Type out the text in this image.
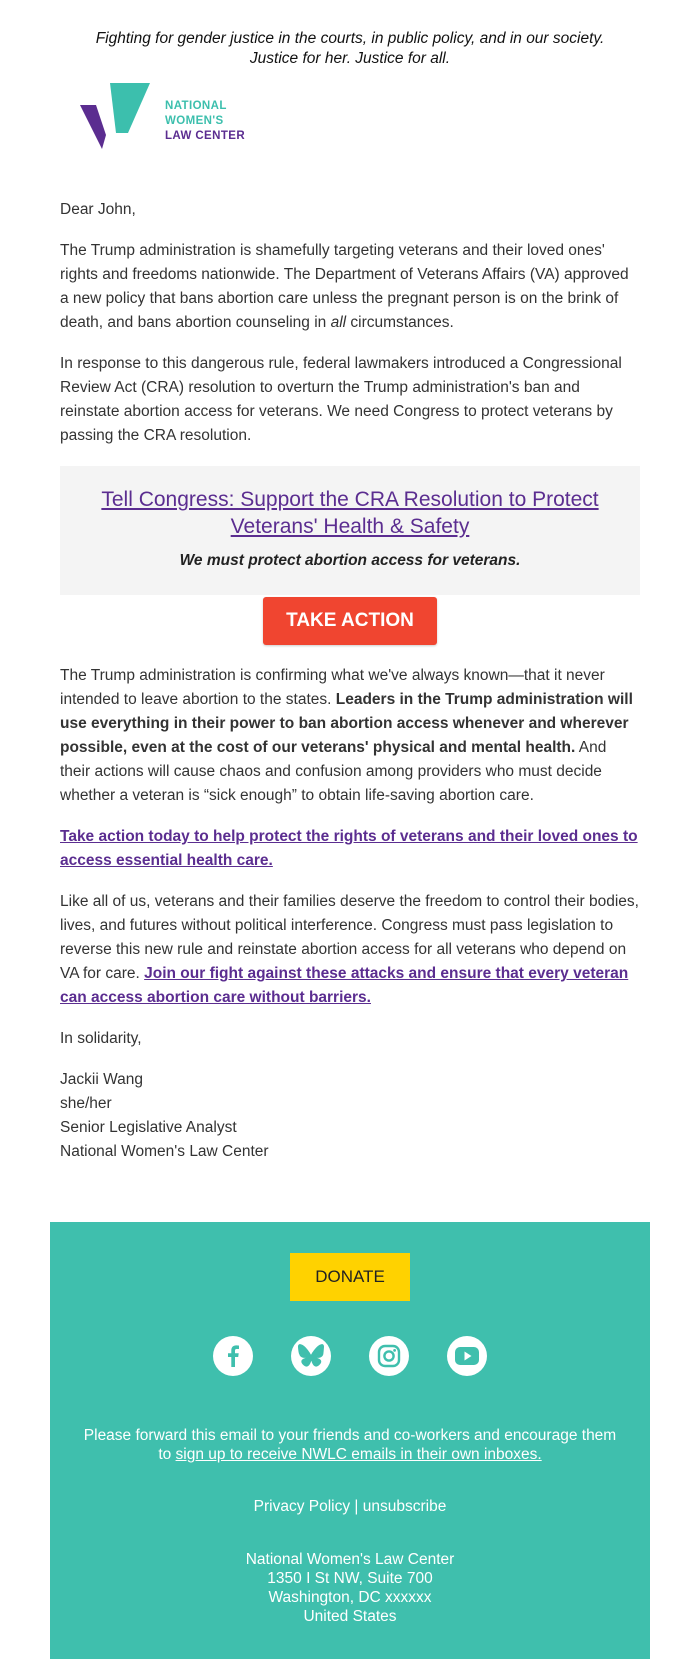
Fighting for gender justice in the courts, in public policy, and in our society.
Justice for her. Justice for all.
NATIONAL
WOMEN'S
LAW CENTER

Dear John,

The Trump administration is shamefully targeting veterans and their loved ones' rights and freedoms nationwide. The Department of Veterans Affairs (VA) approved a new policy that bans abortion care unless the pregnant person is on the brink of death, and bans abortion counseling in all circumstances.

In response to this dangerous rule, federal lawmakers introduced a Congressional Review Act (CRA) resolution to overturn the Trump administration's ban and reinstate abortion access for veterans. We need Congress to protect veterans by passing the CRA resolution.

Tell Congress: Support the CRA Resolution to Protect Veterans' Health & Safety
We must protect abortion access for veterans.
TAKE ACTION

The Trump administration is confirming what we've always known—that it never intended to leave abortion to the states. Leaders in the Trump administration will use everything in their power to ban abortion access whenever and wherever possible, even at the cost of our veterans' physical and mental health. And their actions will cause chaos and confusion among providers who must decide whether a veteran is “sick enough” to obtain life-saving abortion care.

Take action today to help protect the rights of veterans and their loved ones to access essential health care.

Like all of us, veterans and their families deserve the freedom to control their bodies, lives, and futures without political interference. Congress must pass legislation to reverse this new rule and reinstate abortion access for all veterans who depend on VA for care. Join our fight against these attacks and ensure that every veteran can access abortion care without barriers.

In solidarity,

Jackii Wang
she/her
Senior Legislative Analyst
National Women's Law Center
DONATE
Please forward this email to your friends and co-workers and encourage them to sign up to receive NWLC emails in their own inboxes.
Privacy Policy | unsubscribe
National Women's Law Center
1350 I St NW, Suite 700
Washington, DC xxxxxx
United States
